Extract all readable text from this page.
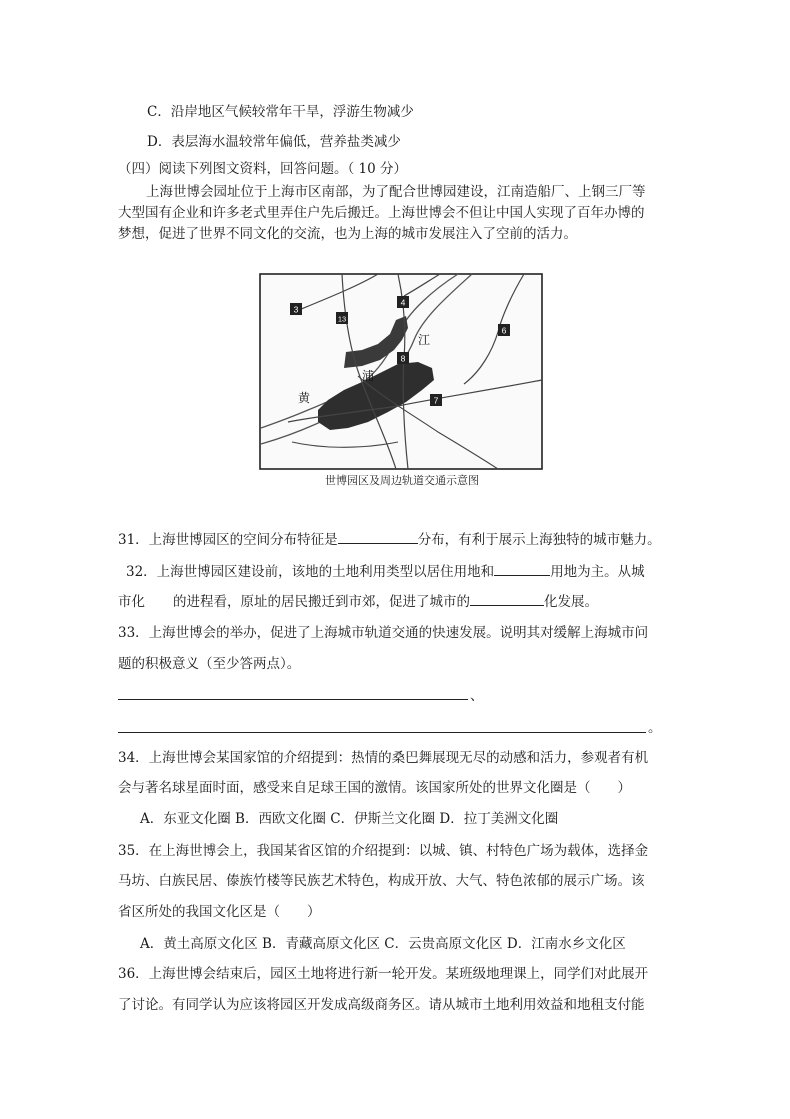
C．沿岸地区气候较常年干旱，浮游生物减少
D．表层海水温较常年偏低，营养盐类减少
（四）阅读下列图文资料，回答问题。（ 10 分）
上海世博会园址位于上海市区南部，为了配合世博园建设，江南造船厂、上钢三厂等
大型国有企业和许多老式里弄住户先后搬迁。上海世博会不但让中国人实现了百年办博的
梦想，促进了世界不同文化的交流，也为上海的城市发展注入了空前的活力。
3
4
13
8
6
7
江
浦
黄
世博园区及周边轨道交通示意图
31．上海世博园区的空间分布特征是	分布，有利于展示上海独特的城市魅力。
32．上海世博园区建设前，该地的土地利用类型以居住用地和	用地为主。从城
市化 的进程看，原址的居民搬迁到市郊，促进了城市的	化发展。
33．上海世博会的举办，促进了上海城市轨道交通的快速发展。说明其对缓解上海城市问
题的积极意义（至少答两点）。
、
。
34．上海世博会某国家馆的介绍提到：热情的桑巴舞展现无尽的动感和活力，参观者有机
会与著名球星面时面，感受来自足球王国的激情。该国家所处的世界文化圈是（　　）
A．东亚文化圈 B．西欧文化圈 C．伊斯兰文化圈 D．拉丁美洲文化圈
35．在上海世博会上，我国某省区馆的介绍提到：以城、镇、村特色广场为载体，选择金
马坊、白族民居、傣族竹楼等民族艺术特色，构成开放、大气、特色浓郁的展示广场。该
省区所处的我国文化区是（　　）
A．黄土高原文化区 B．青藏高原文化区 C．云贵高原文化区 D．江南水乡文化区
36．上海世博会结束后，园区土地将进行新一轮开发。某班级地理课上，同学们对此展开
了讨论。有同学认为应该将园区开发成高级商务区。请从城市土地利用效益和地租支付能
